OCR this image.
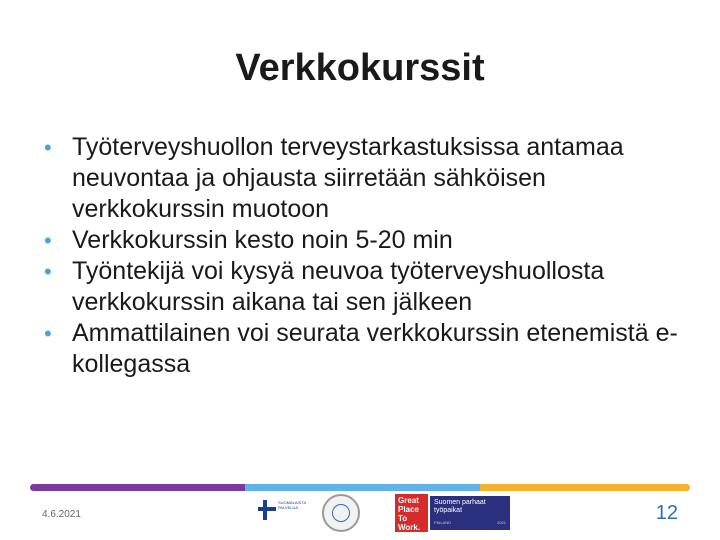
Verkkokurssit
• Työterveyshuollon terveystarkastuksissa antamaa neuvontaa ja ohjausta siirretään sähköisen verkkokurssin muotoon
• Verkkokurssin kesto noin 5-20 min
• Työntekijä voi kysyä neuvoa työterveyshuollosta verkkokurssin aikana tai sen jälkeen
• Ammattilainen voi seurata verkkokurssin etenemistä e-kollegassa
4.6.2021
SUOMALAISTA PALVELUA
Great
Place
To
Work.
Suomen parhaat
työpaikat
FINLAND	2021	12
